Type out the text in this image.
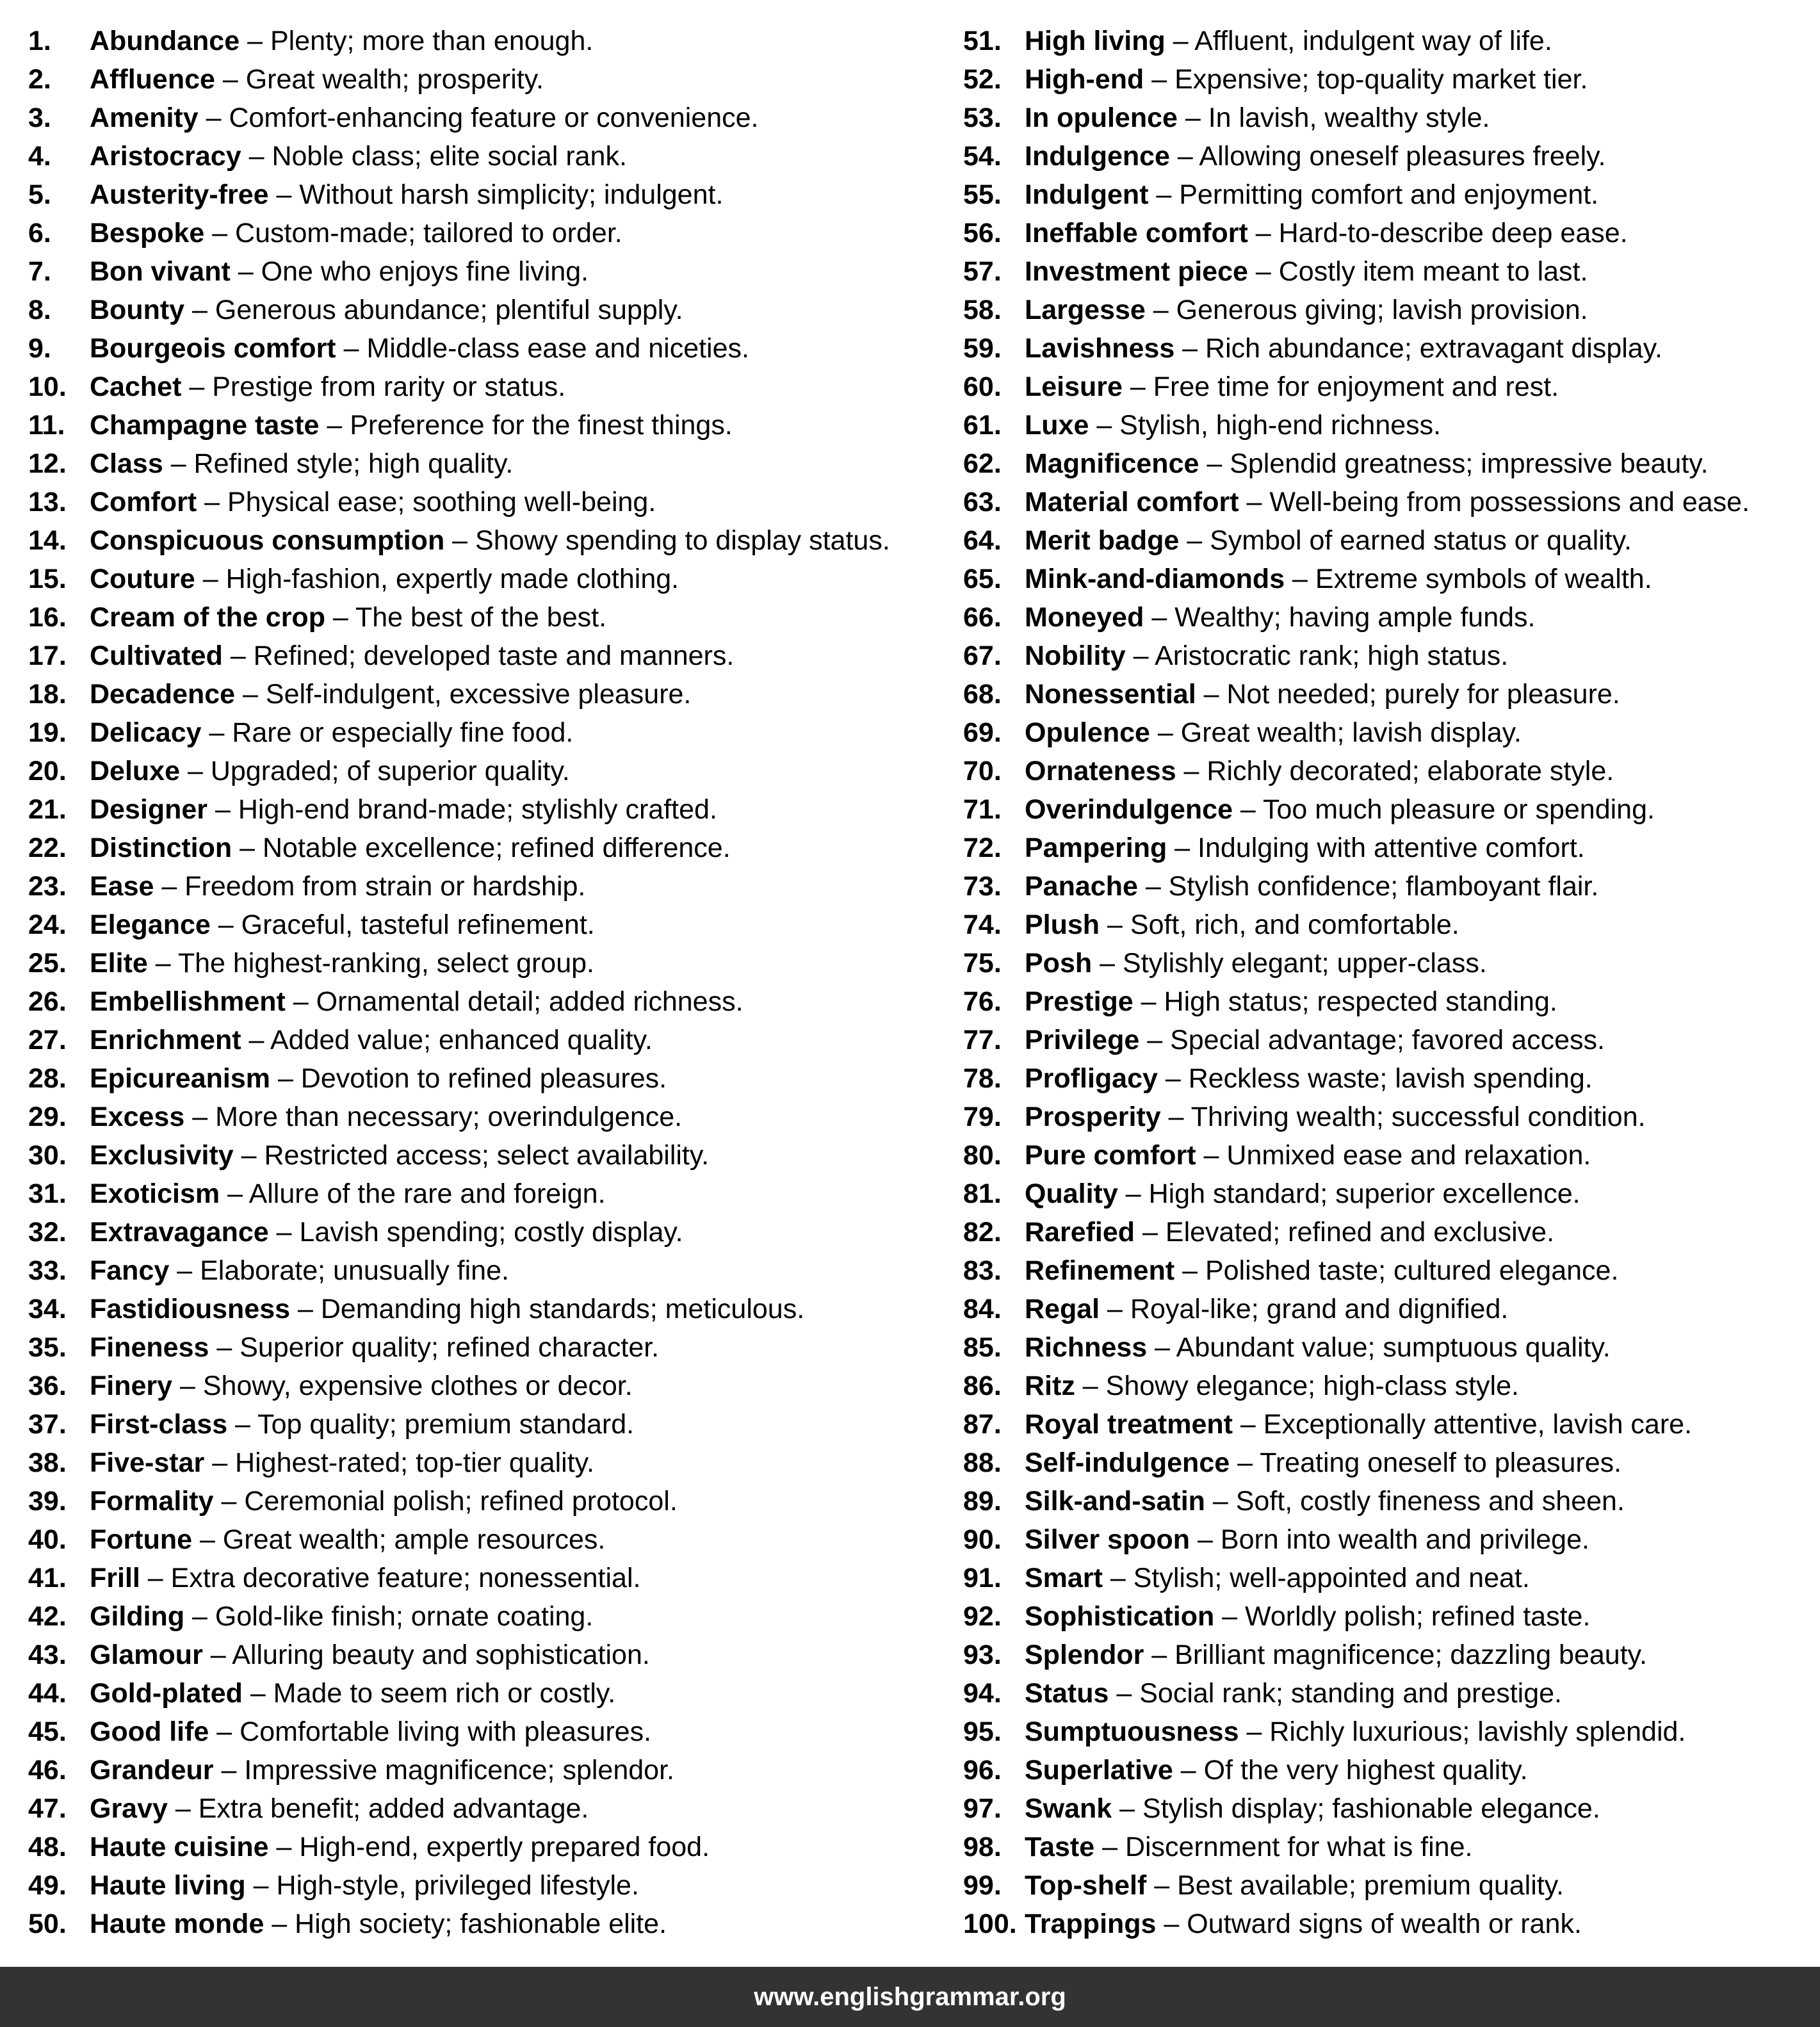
1. Abundance – Plenty; more than enough.
2. Affluence – Great wealth; prosperity.
3. Amenity – Comfort-enhancing feature or convenience.
4. Aristocracy – Noble class; elite social rank.
5. Austerity-free – Without harsh simplicity; indulgent.
6. Bespoke – Custom-made; tailored to order.
7. Bon vivant – One who enjoys fine living.
8. Bounty – Generous abundance; plentiful supply.
9. Bourgeois comfort – Middle-class ease and niceties.
10. Cachet – Prestige from rarity or status.
11. Champagne taste – Preference for the finest things.
12. Class – Refined style; high quality.
13. Comfort – Physical ease; soothing well-being.
14. Conspicuous consumption – Showy spending to display status.
15. Couture – High-fashion, expertly made clothing.
16. Cream of the crop – The best of the best.
17. Cultivated – Refined; developed taste and manners.
18. Decadence – Self-indulgent, excessive pleasure.
19. Delicacy – Rare or especially fine food.
20. Deluxe – Upgraded; of superior quality.
21. Designer – High-end brand-made; stylishly crafted.
22. Distinction – Notable excellence; refined difference.
23. Ease – Freedom from strain or hardship.
24. Elegance – Graceful, tasteful refinement.
25. Elite – The highest-ranking, select group.
26. Embellishment – Ornamental detail; added richness.
27. Enrichment – Added value; enhanced quality.
28. Epicureanism – Devotion to refined pleasures.
29. Excess – More than necessary; overindulgence.
30. Exclusivity – Restricted access; select availability.
31. Exoticism – Allure of the rare and foreign.
32. Extravagance – Lavish spending; costly display.
33. Fancy – Elaborate; unusually fine.
34. Fastidiousness – Demanding high standards; meticulous.
35. Fineness – Superior quality; refined character.
36. Finery – Showy, expensive clothes or decor.
37. First-class – Top quality; premium standard.
38. Five-star – Highest-rated; top-tier quality.
39. Formality – Ceremonial polish; refined protocol.
40. Fortune – Great wealth; ample resources.
41. Frill – Extra decorative feature; nonessential.
42. Gilding – Gold-like finish; ornate coating.
43. Glamour – Alluring beauty and sophistication.
44. Gold-plated – Made to seem rich or costly.
45. Good life – Comfortable living with pleasures.
46. Grandeur – Impressive magnificence; splendor.
47. Gravy – Extra benefit; added advantage.
48. Haute cuisine – High-end, expertly prepared food.
49. Haute living – High-style, privileged lifestyle.
50. Haute monde – High society; fashionable elite.
51. High living – Affluent, indulgent way of life.
52. High-end – Expensive; top-quality market tier.
53. In opulence – In lavish, wealthy style.
54. Indulgence – Allowing oneself pleasures freely.
55. Indulgent – Permitting comfort and enjoyment.
56. Ineffable comfort – Hard-to-describe deep ease.
57. Investment piece – Costly item meant to last.
58. Largesse – Generous giving; lavish provision.
59. Lavishness – Rich abundance; extravagant display.
60. Leisure – Free time for enjoyment and rest.
61. Luxe – Stylish, high-end richness.
62. Magnificence – Splendid greatness; impressive beauty.
63. Material comfort – Well-being from possessions and ease.
64. Merit badge – Symbol of earned status or quality.
65. Mink-and-diamonds – Extreme symbols of wealth.
66. Moneyed – Wealthy; having ample funds.
67. Nobility – Aristocratic rank; high status.
68. Nonessential – Not needed; purely for pleasure.
69. Opulence – Great wealth; lavish display.
70. Ornateness – Richly decorated; elaborate style.
71. Overindulgence – Too much pleasure or spending.
72. Pampering – Indulging with attentive comfort.
73. Panache – Stylish confidence; flamboyant flair.
74. Plush – Soft, rich, and comfortable.
75. Posh – Stylishly elegant; upper-class.
76. Prestige – High status; respected standing.
77. Privilege – Special advantage; favored access.
78. Profligacy – Reckless waste; lavish spending.
79. Prosperity – Thriving wealth; successful condition.
80. Pure comfort – Unmixed ease and relaxation.
81. Quality – High standard; superior excellence.
82. Rarefied – Elevated; refined and exclusive.
83. Refinement – Polished taste; cultured elegance.
84. Regal – Royal-like; grand and dignified.
85. Richness – Abundant value; sumptuous quality.
86. Ritz – Showy elegance; high-class style.
87. Royal treatment – Exceptionally attentive, lavish care.
88. Self-indulgence – Treating oneself to pleasures.
89. Silk-and-satin – Soft, costly fineness and sheen.
90. Silver spoon – Born into wealth and privilege.
91. Smart – Stylish; well-appointed and neat.
92. Sophistication – Worldly polish; refined taste.
93. Splendor – Brilliant magnificence; dazzling beauty.
94. Status – Social rank; standing and prestige.
95. Sumptuousness – Richly luxurious; lavishly splendid.
96. Superlative – Of the very highest quality.
97. Swank – Stylish display; fashionable elegance.
98. Taste – Discernment for what is fine.
99. Top-shelf – Best available; premium quality.
100. Trappings – Outward signs of wealth or rank.
www.englishgrammar.org
